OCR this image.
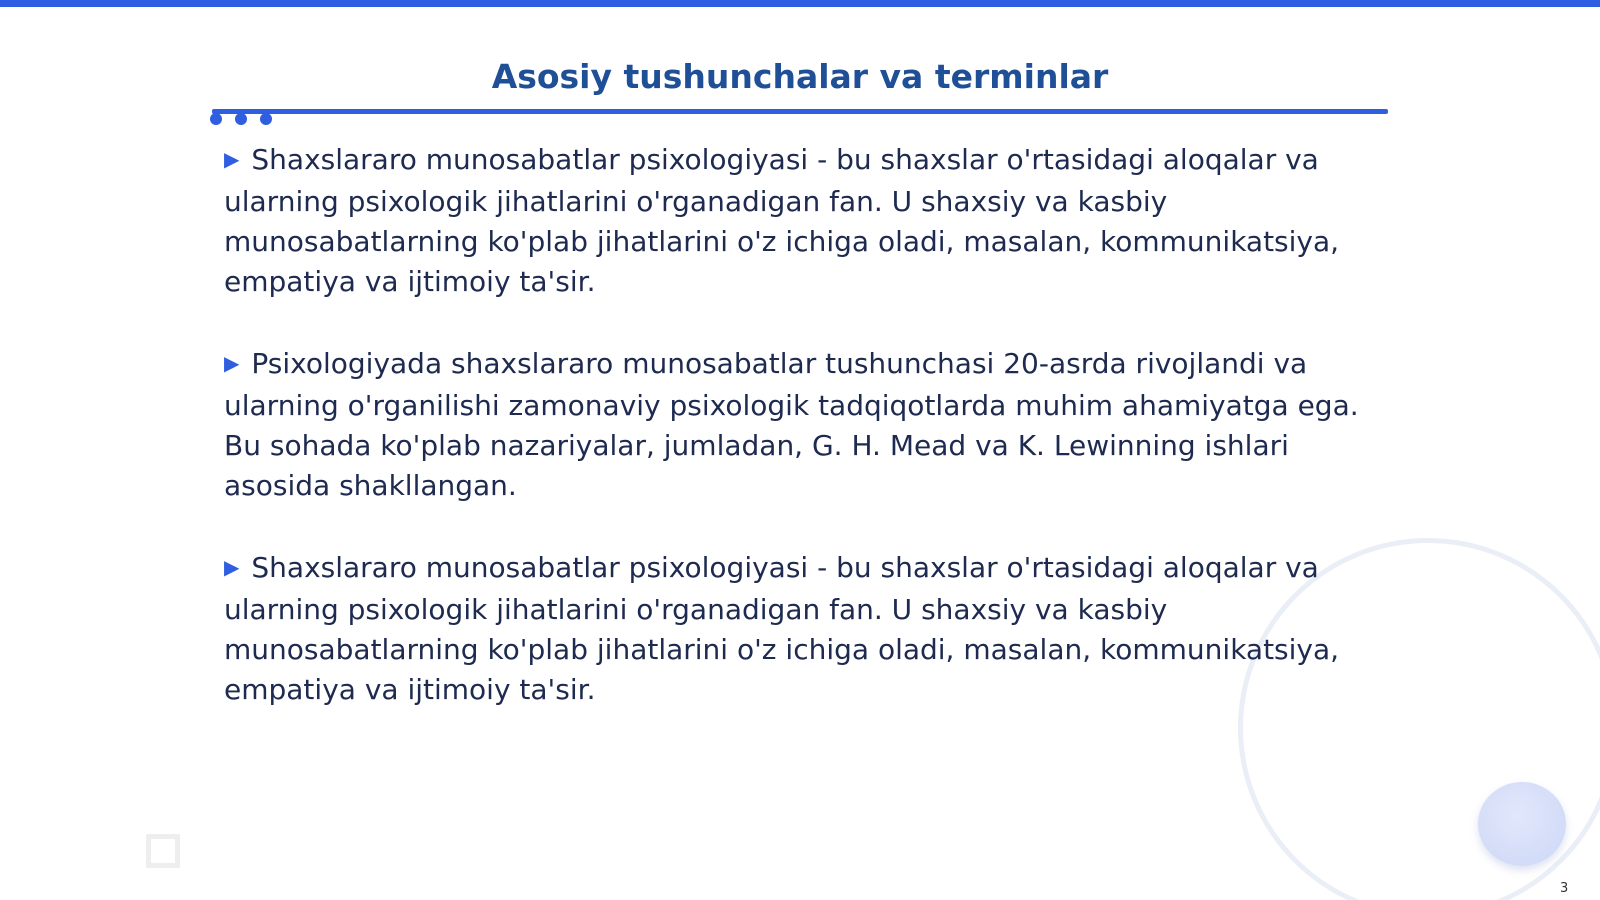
Asosiy tushunchalar va terminlar

▶ Shaxslararo munosabatlar psixologiyasi - bu shaxslar o'rtasidagi aloqalar va ularning psixologik jihatlarini o'rganadigan fan. U shaxsiy va kasbiy munosabatlarning ko'plab jihatlarini o'z ichiga oladi, masalan, kommunikatsiya, empatiya va ijtimoiy ta'sir.

▶ Psixologiyada shaxslararo munosabatlar tushunchasi 20-asrda rivojlandi va ularning o'rganilishi zamonaviy psixologik tadqiqotlarda muhim ahamiyatga ega. Bu sohada ko'plab nazariyalar, jumladan, G. H. Mead va K. Lewinning ishlari asosida shakllangan.

▶ Shaxslararo munosabatlar psixologiyasi - bu shaxslar o'rtasidagi aloqalar va ularning psixologik jihatlarini o'rganadigan fan. U shaxsiy va kasbiy munosabatlarning ko'plab jihatlarini o'z ichiga oladi, masalan, kommunikatsiya, empatiya va ijtimoiy ta'sir.

3
